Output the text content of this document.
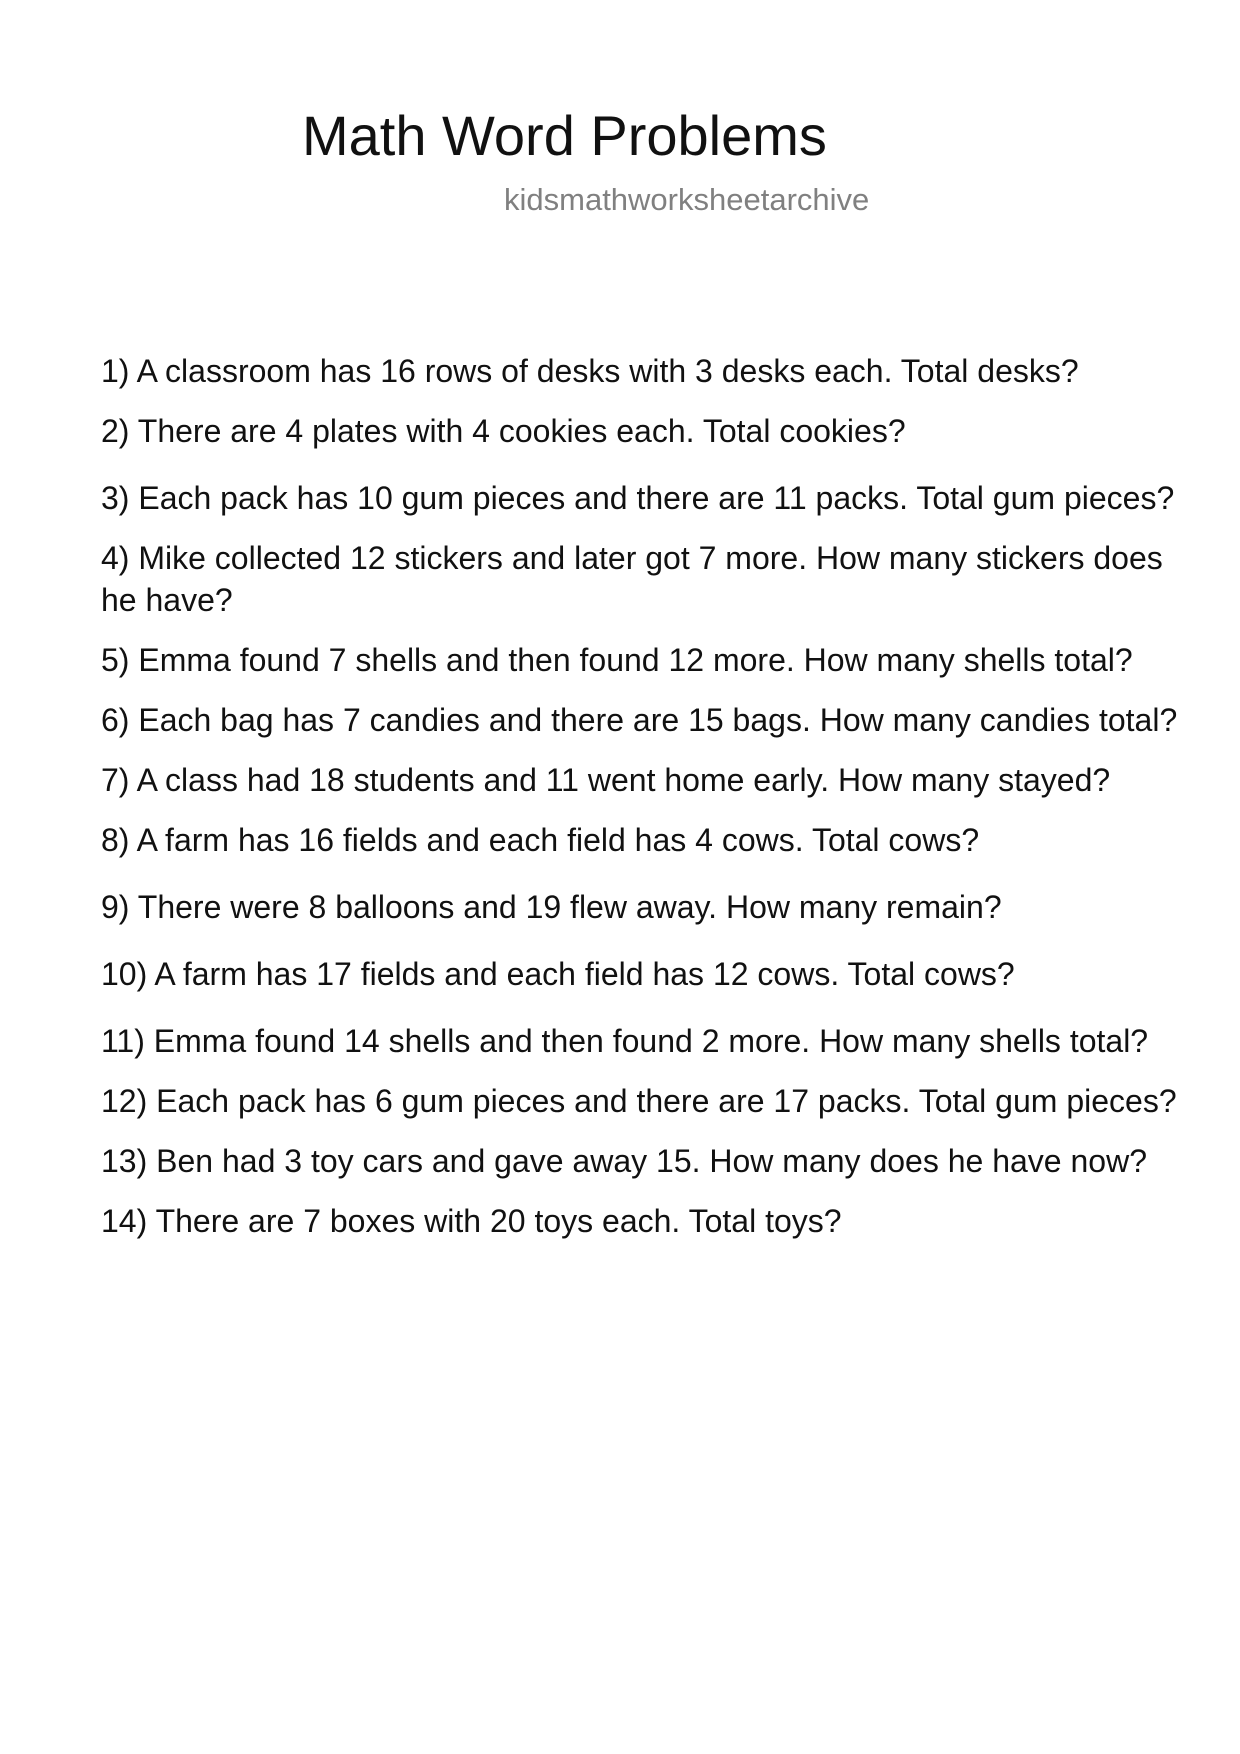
Math Word Problems
kidsmathworksheetarchive
1) A classroom has 16 rows of desks with 3 desks each. Total desks?
2) There are 4 plates with 4 cookies each. Total cookies?
3) Each pack has 10 gum pieces and there are 11 packs. Total gum pieces?
4) Mike collected 12 stickers and later got 7 more. How many stickers does he have?
5) Emma found 7 shells and then found 12 more. How many shells total?
6) Each bag has 7 candies and there are 15 bags. How many candies total?
7) A class had 18 students and 11 went home early. How many stayed?
8) A farm has 16 fields and each field has 4 cows. Total cows?
9) There were 8 balloons and 19 flew away. How many remain?
10) A farm has 17 fields and each field has 12 cows. Total cows?
11) Emma found 14 shells and then found 2 more. How many shells total?
12) Each pack has 6 gum pieces and there are 17 packs. Total gum pieces?
13) Ben had 3 toy cars and gave away 15. How many does he have now?
14) There are 7 boxes with 20 toys each. Total toys?
